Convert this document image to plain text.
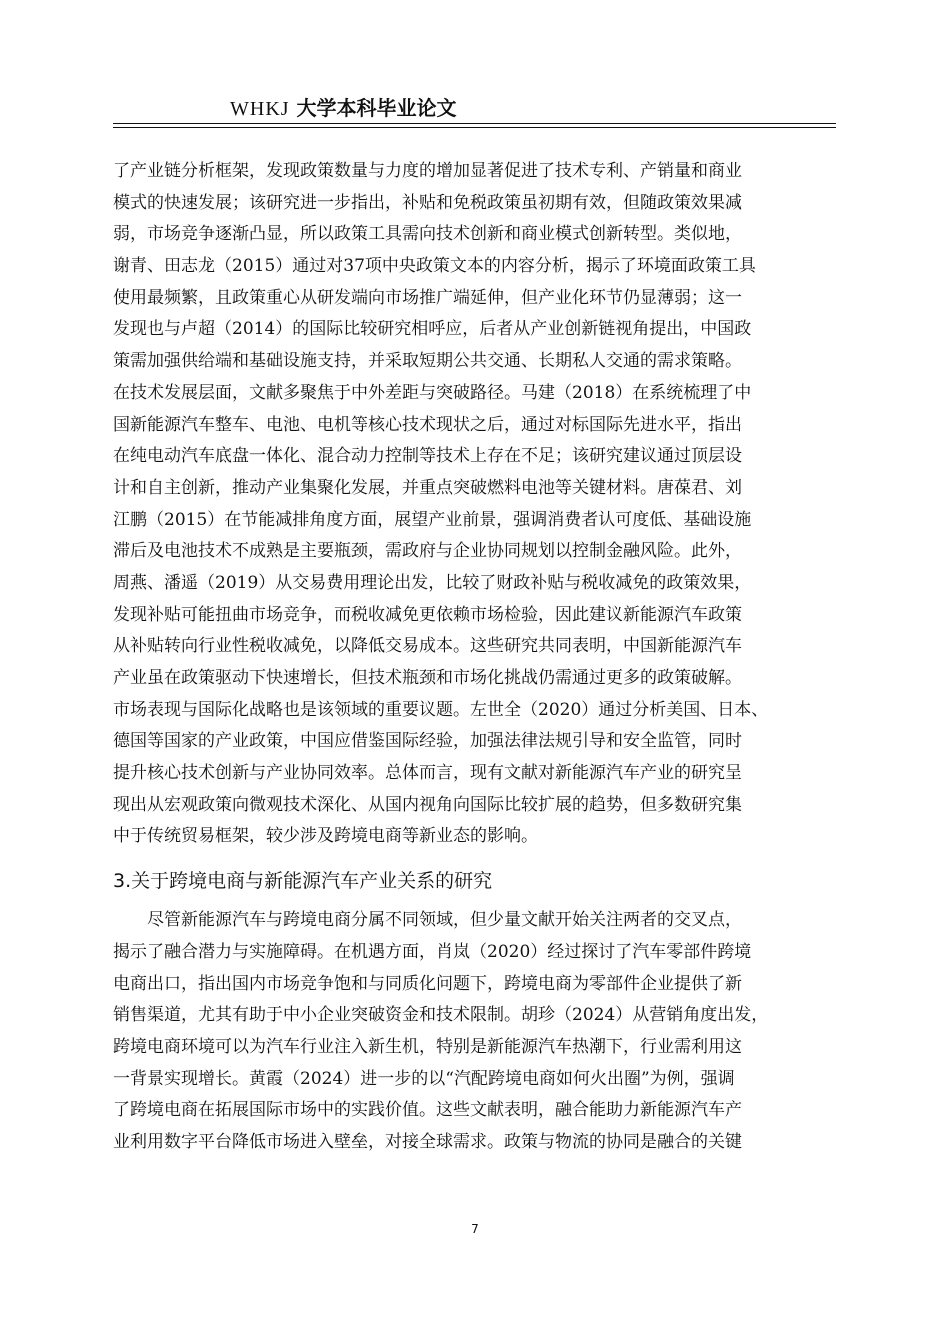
WHKJ 大学本科毕业论文
了产业链分析框架，发现政策数量与力度的增加显著促进了技术专利、产销量和商业
模式的快速发展；该研究进一步指出，补贴和免税政策虽初期有效，但随政策效果减
弱，市场竞争逐渐凸显，所以政策工具需向技术创新和商业模式创新转型。类似地，
谢青、田志龙（2015）通过对37项中央政策文本的内容分析，揭示了环境面政策工具
使用最频繁，且政策重心从研发端向市场推广端延伸，但产业化环节仍显薄弱；这一
发现也与卢超（2014）的国际比较研究相呼应，后者从产业创新链视角提出，中国政
策需加强供给端和基础设施支持，并采取短期公共交通、长期私人交通的需求策略。
在技术发展层面，文献多聚焦于中外差距与突破路径。马建（2018）在系统梳理了中
国新能源汽车整车、电池、电机等核心技术现状之后，通过对标国际先进水平，指出
在纯电动汽车底盘一体化、混合动力控制等技术上存在不足；该研究建议通过顶层设
计和自主创新，推动产业集聚化发展，并重点突破燃料电池等关键材料。唐葆君、刘
江鹏（2015）在节能减排角度方面，展望产业前景，强调消费者认可度低、基础设施
滞后及电池技术不成熟是主要瓶颈，需政府与企业协同规划以控制金融风险。此外，
周燕、潘遥（2019）从交易费用理论出发，比较了财政补贴与税收减免的政策效果，
发现补贴可能扭曲市场竞争，而税收减免更依赖市场检验，因此建议新能源汽车政策
从补贴转向行业性税收减免，以降低交易成本。这些研究共同表明，中国新能源汽车
产业虽在政策驱动下快速增长，但技术瓶颈和市场化挑战仍需通过更多的政策破解。
市场表现与国际化战略也是该领域的重要议题。左世全（2020）通过分析美国、日本、
德国等国家的产业政策，中国应借鉴国际经验，加强法律法规引导和安全监管，同时
提升核心技术创新与产业协同效率。总体而言，现有文献对新能源汽车产业的研究呈
现出从宏观政策向微观技术深化、从国内视角向国际比较扩展的趋势，但多数研究集
中于传统贸易框架，较少涉及跨境电商等新业态的影响。
3.关于跨境电商与新能源汽车产业关系的研究
　　尽管新能源汽车与跨境电商分属不同领域，但少量文献开始关注两者的交叉点，
揭示了融合潜力与实施障碍。在机遇方面，肖岚（2020）经过探讨了汽车零部件跨境
电商出口，指出国内市场竞争饱和与同质化问题下，跨境电商为零部件企业提供了新
销售渠道，尤其有助于中小企业突破资金和技术限制。胡珍（2024）从营销角度出发，
跨境电商环境可以为汽车行业注入新生机，特别是新能源汽车热潮下，行业需利用这
一背景实现增长。黄霞（2024）进一步的以“汽配跨境电商如何火出圈”为例，强调
了跨境电商在拓展国际市场中的实践价值。这些文献表明，融合能助力新能源汽车产
业利用数字平台降低市场进入壁垒，对接全球需求。政策与物流的协同是融合的关键
7
